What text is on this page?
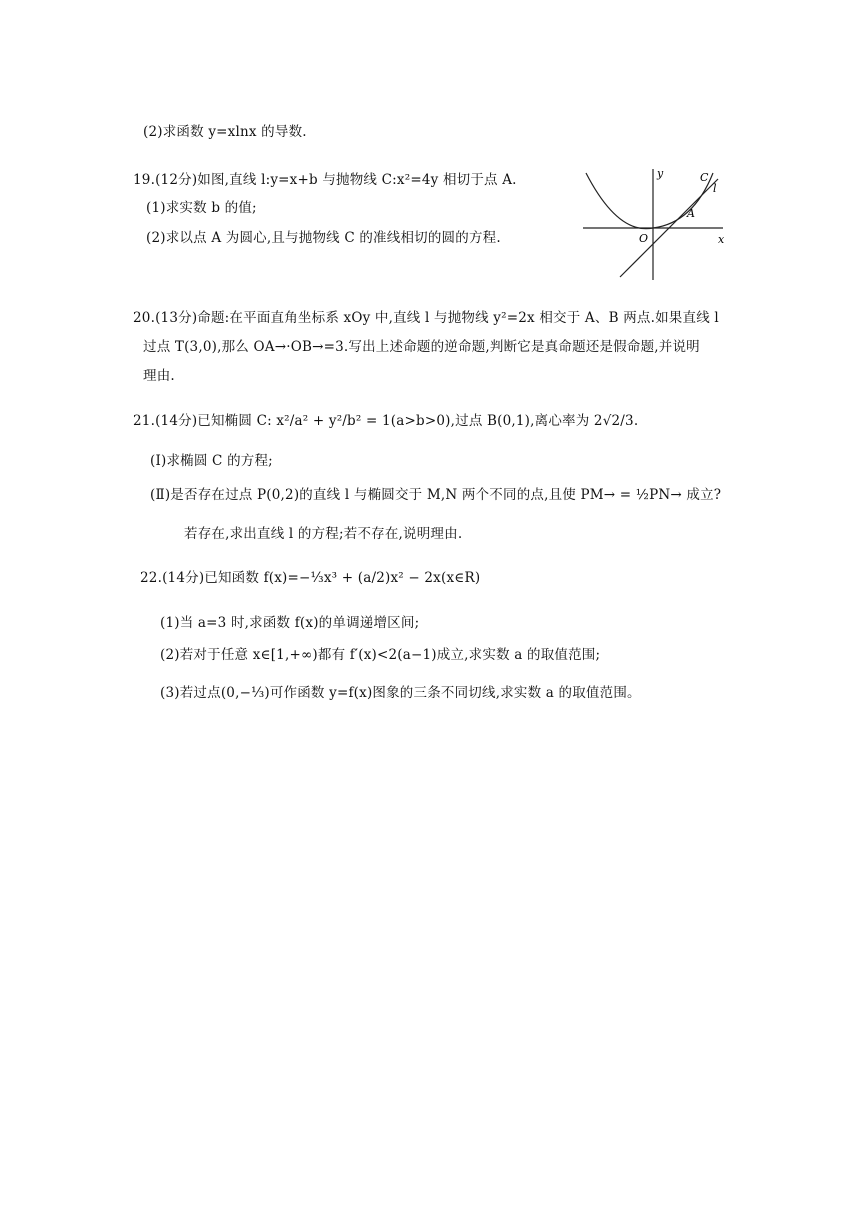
(2)求函数 y=xlnx 的导数.
19.(12分)如图,直线 l:y=x+b 与抛物线 C:x²=4y 相切于点 A.
(1)求实数 b 的值;
(2)求以点 A 为圆心,且与抛物线 C 的准线相切的圆的方程.
y
x
O
A
C
l
20.(13分)命题:在平面直角坐标系 xOy 中,直线 l 与抛物线 y²=2x 相交于 A、B 两点.如果直线 l
过点 T(3,0),那么 OA→·OB→=3.写出上述命题的逆命题,判断它是真命题还是假命题,并说明
理由.
21.(14分)已知椭圆 C: x²/a² + y²/b² = 1(a>b>0),过点 B(0,1),离心率为 2√2/3.
(Ⅰ)求椭圆 C 的方程;
(Ⅱ)是否存在过点 P(0,2)的直线 l 与椭圆交于 M,N 两个不同的点,且使 PM→ = ½PN→ 成立?
若存在,求出直线 l 的方程;若不存在,说明理由.
22.(14分)已知函数 f(x)=−⅓x³ + (a/2)x² − 2x(x∈R)
(1)当 a=3 时,求函数 f(x)的单调递增区间;
(2)若对于任意 x∈[1,+∞)都有 f′(x)<2(a−1)成立,求实数 a 的取值范围;
(3)若过点(0,−⅓)可作函数 y=f(x)图象的三条不同切线,求实数 a 的取值范围。
